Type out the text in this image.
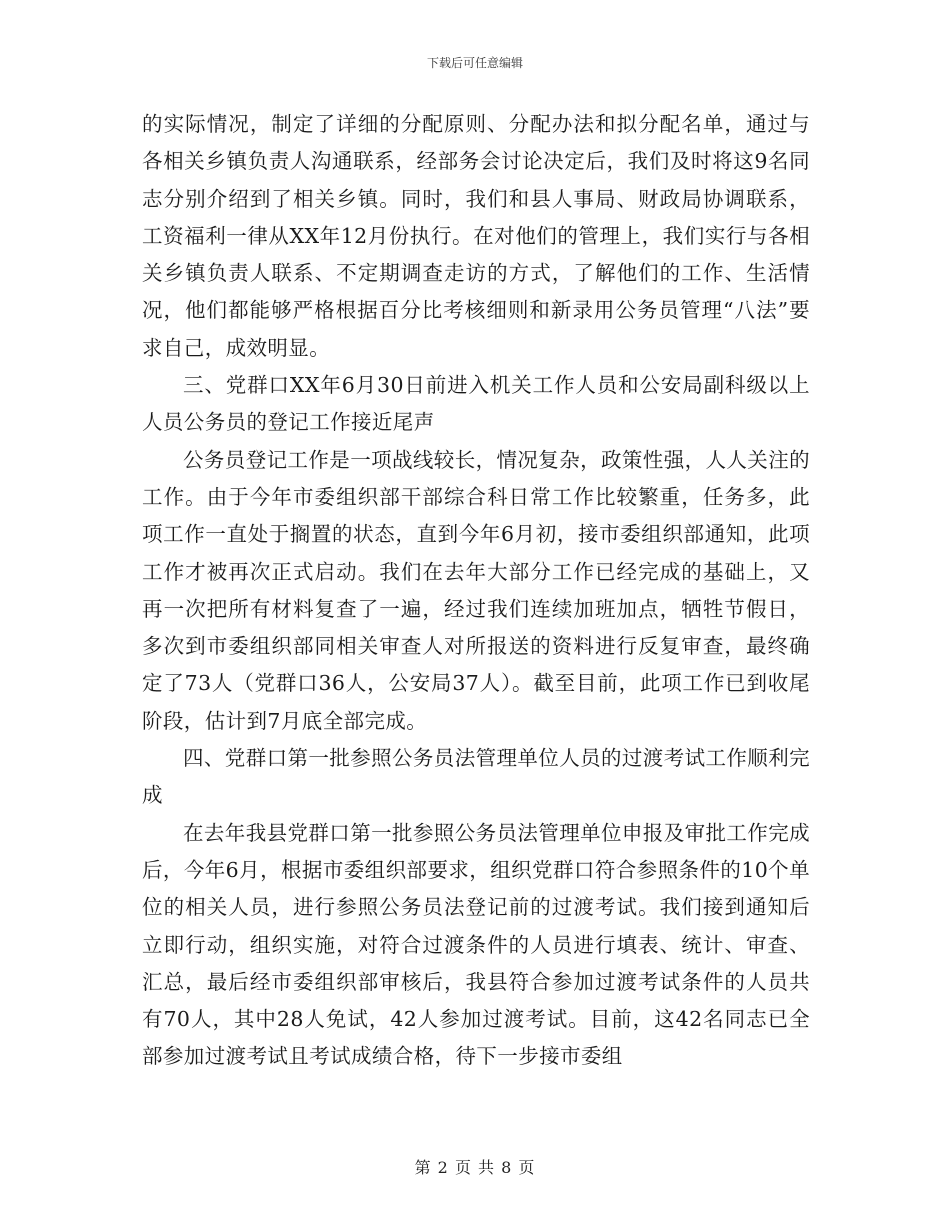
下载后可任意编辑

的实际情况，制定了详细的分配原则、分配办法和拟分配名单，通过与各相关乡镇负责人沟通联系，经部务会讨论决定后，我们及时将这9名同志分别介绍到了相关乡镇。同时，我们和县人事局、财政局协调联系，工资福利一律从XX年12月份执行。在对他们的管理上，我们实行与各相关乡镇负责人联系、不定期调查走访的方式，了解他们的工作、生活情况，他们都能够严格根据百分比考核细则和新录用公务员管理“八法”要求自己，成效明显。

三、党群口XX年6月30日前进入机关工作人员和公安局副科级以上人员公务员的登记工作接近尾声

公务员登记工作是一项战线较长，情况复杂，政策性强，人人关注的工作。由于今年市委组织部干部综合科日常工作比较繁重，任务多，此项工作一直处于搁置的状态，直到今年6月初，接市委组织部通知，此项工作才被再次正式启动。我们在去年大部分工作已经完成的基础上，又再一次把所有材料复查了一遍，经过我们连续加班加点，牺牲节假日，多次到市委组织部同相关审查人对所报送的资料进行反复审查，最终确定了73人（党群口36人，公安局37人）。截至目前，此项工作已到收尾阶段，估计到7月底全部完成。

四、党群口第一批参照公务员法管理单位人员的过渡考试工作顺利完成

在去年我县党群口第一批参照公务员法管理单位申报及审批工作完成后，今年6月，根据市委组织部要求，组织党群口符合参照条件的10个单位的相关人员，进行参照公务员法登记前的过渡考试。我们接到通知后立即行动，组织实施，对符合过渡条件的人员进行填表、统计、审查、汇总，最后经市委组织部审核后，我县符合参加过渡考试条件的人员共有70人，其中28人免试，42人参加过渡考试。目前，这42名同志已全部参加过渡考试且考试成绩合格，待下一步接市委组

第 2 页 共 8 页
